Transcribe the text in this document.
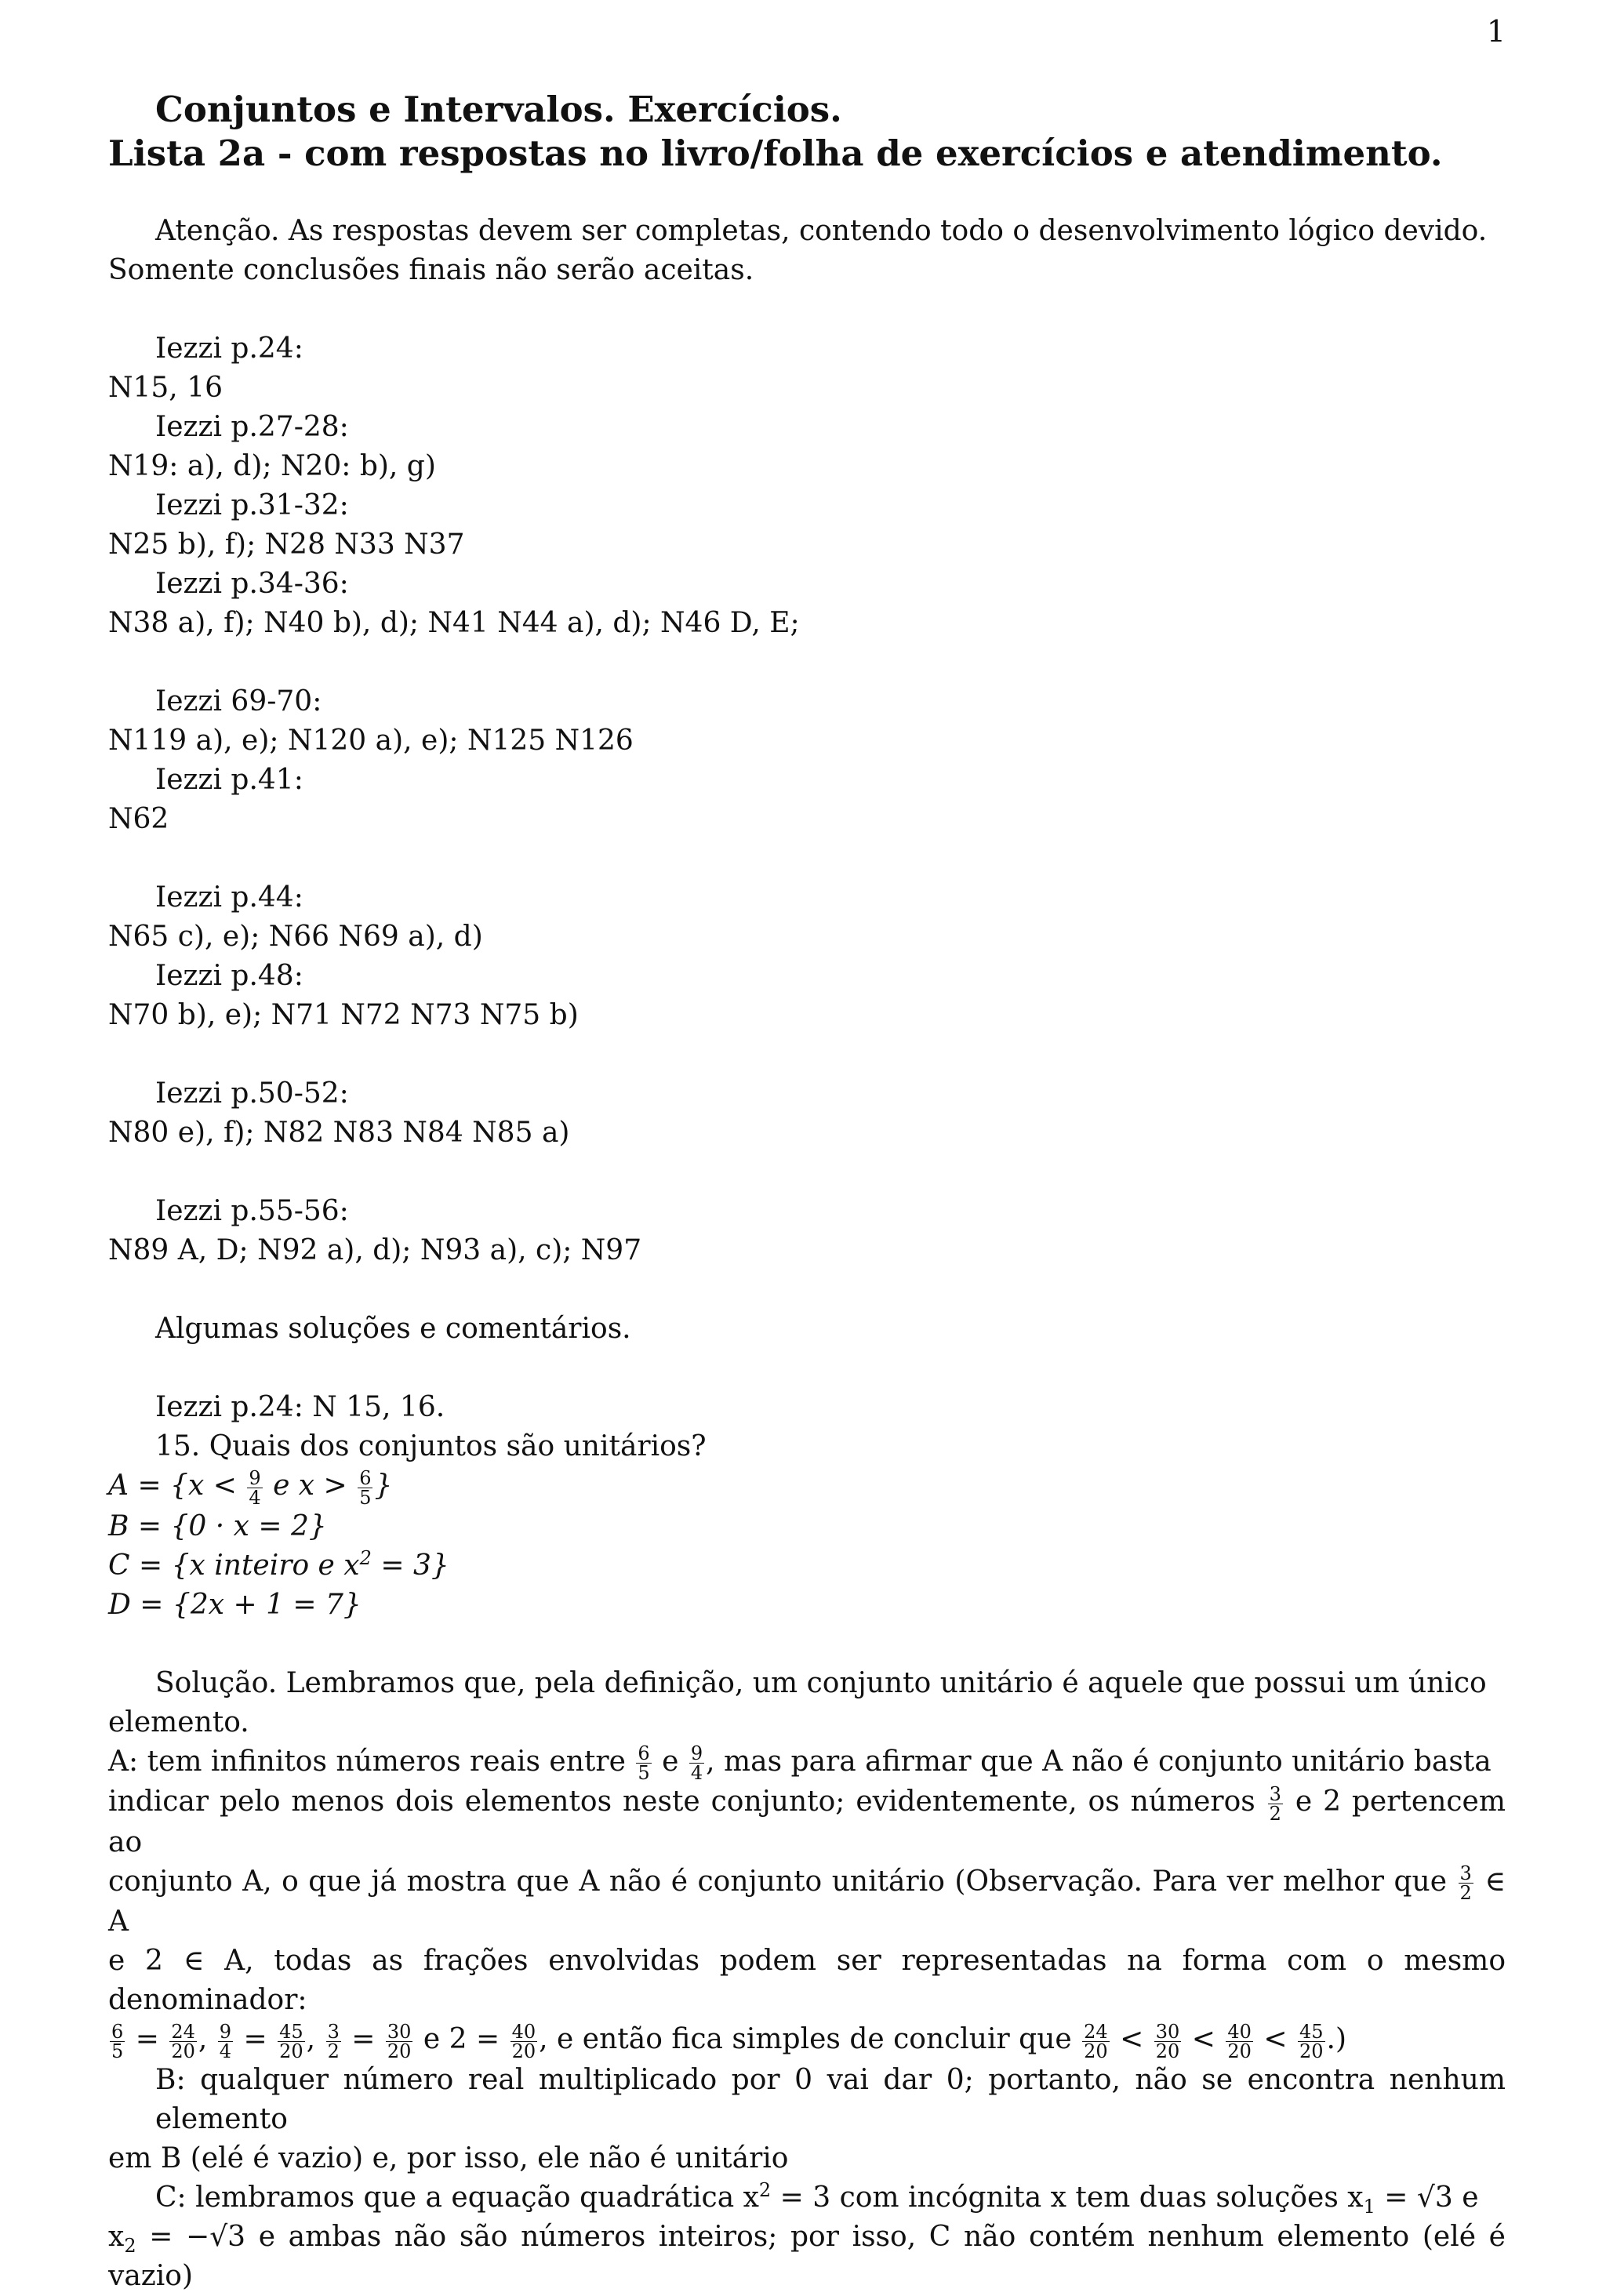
1
Conjuntos e Intervalos. Exercícios.
Lista 2a - com respostas no livro/folha de exercícios e atendimento.
Atenção. As respostas devem ser completas, contendo todo o desenvolvimento lógico devido.
Somente conclusões finais não serão aceitas.
Iezzi p.24:
N15, 16
Iezzi p.27-28:
N19: a), d); N20: b), g)
Iezzi p.31-32:
N25 b), f); N28 N33 N37
Iezzi p.34-36:
N38 a), f); N40 b), d); N41 N44 a), d); N46 D, E;
Iezzi 69-70:
N119 a), e); N120 a), e); N125 N126
Iezzi p.41:
N62
Iezzi p.44:
N65 c), e); N66 N69 a), d)
Iezzi p.48:
N70 b), e); N71 N72 N73 N75 b)
Iezzi p.50-52:
N80 e), f); N82 N83 N84 N85 a)
Iezzi p.55-56:
N89 A, D; N92 a), d); N93 a), c); N97
Algumas soluções e comentários.
Iezzi p.24: N 15, 16.
15. Quais dos conjuntos são unitários?
$A = \{x < \frac{9}{4}$ e $x > \frac{6}{5}$ }
B = {0 · x = 2}
C = {x inteiro e $x^2 = 3$}
D = {2x + 1 = 7}
Solução. Lembramos que, pela definição, um conjunto unitário é aquele que possui um único
elemento.
A: tem infinitos números reais entre $\frac{6}{5}$ e $\frac{9}{4}$ , mas para afirmar que A não é conjunto unitário basta
indicar pelo menos dois elementos neste conjunto; evidentemente, os números $\frac{3}{2}$ e 2 pertencem ao
conjunto A, o que já mostra que A não é conjunto unitário (Observação. Para ver melhor que $\frac{3}{2}$ ∈ A
e 2 ∈ A, todas as frações envolvidas podem ser representadas na forma com o mesmo denominador:
$\frac{6}{5} = \frac{24}{20}$ , $\frac{9}{4} = \frac{45}{20}$ , $\frac{3}{2} = \frac{30}{20}$ e $2 = \frac{40}{20}$ , e então fica simples de concluir que $\frac{24}{20} < \frac{30}{20} < \frac{40}{20} < \frac{45}{20}$ .)
B: qualquer número real multiplicado por 0 vai dar 0; portanto, não se encontra nenhum elemento
em B (elé é vazio) e, por isso, ele não é unitário
C: lembramos que a equação quadrática $x^2 = 3$ com incógnita x tem duas soluções $x_1 = √3$ e
$x_2 = -√3$ e ambas não são números inteiros; por isso, C não contém nenhum elemento (elé é vazio)
